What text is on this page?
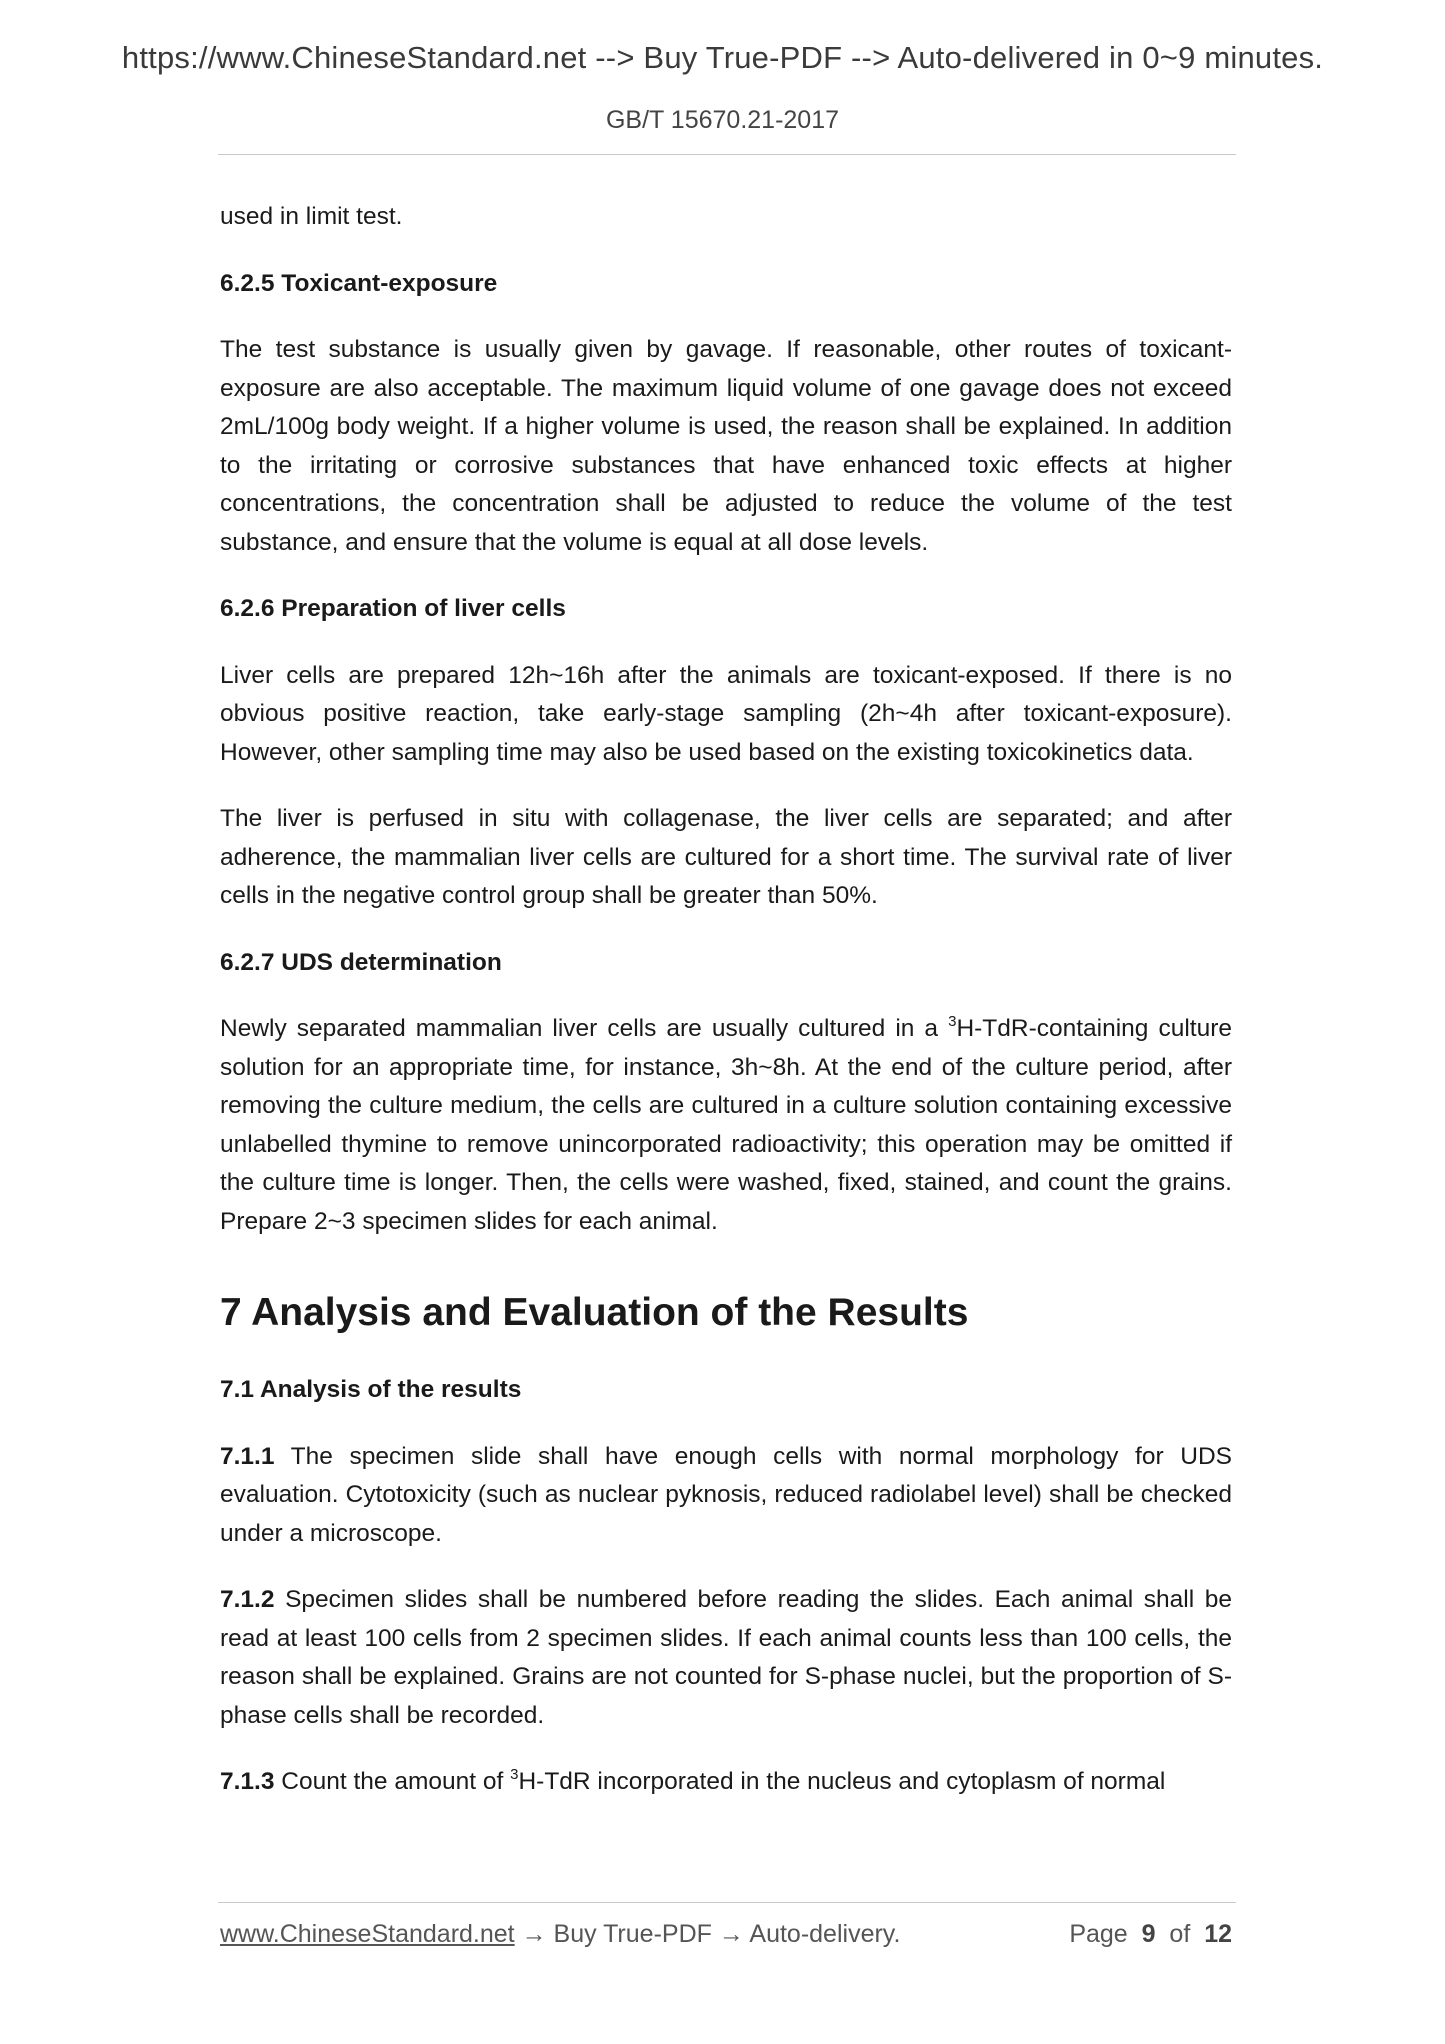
https://www.ChineseStandard.net --> Buy True-PDF --> Auto-delivered in 0~9 minutes.
GB/T 15670.21-2017

used in limit test.

6.2.5 Toxicant-exposure

The test substance is usually given by gavage. If reasonable, other routes of toxicant-exposure are also acceptable. The maximum liquid volume of one gavage does not exceed 2mL/100g body weight. If a higher volume is used, the reason shall be explained. In addition to the irritating or corrosive substances that have enhanced toxic effects at higher concentrations, the concentration shall be adjusted to reduce the volume of the test substance, and ensure that the volume is equal at all dose levels.

6.2.6 Preparation of liver cells

Liver cells are prepared 12h~16h after the animals are toxicant-exposed. If there is no obvious positive reaction, take early-stage sampling (2h~4h after toxicant-exposure). However, other sampling time may also be used based on the existing toxicokinetics data.

The liver is perfused in situ with collagenase, the liver cells are separated; and after adherence, the mammalian liver cells are cultured for a short time. The survival rate of liver cells in the negative control group shall be greater than 50%.

6.2.7 UDS determination

Newly separated mammalian liver cells are usually cultured in a $^3$H-TdR-containing culture solution for an appropriate time, for instance, 3h~8h. At the end of the culture period, after removing the culture medium, the cells are cultured in a culture solution containing excessive unlabelled thymine to remove unincorporated radioactivity; this operation may be omitted if the culture time is longer. Then, the cells were washed, fixed, stained, and count the grains. Prepare 2~3 specimen slides for each animal.

7 Analysis and Evaluation of the Results
7.1 Analysis of the results

7.1.1 The specimen slide shall have enough cells with normal morphology for UDS evaluation. Cytotoxicity (such as nuclear pyknosis, reduced radiolabel level) shall be checked under a microscope.

7.1.2 Specimen slides shall be numbered before reading the slides. Each animal shall be read at least 100 cells from 2 specimen slides. If each animal counts less than 100 cells, the reason shall be explained. Grains are not counted for S-phase nuclei, but the proportion of S-phase cells shall be recorded.

7.1.3 Count the amount of $^3$H-TdR incorporated in the nucleus and cytoplasm of normal

www.ChineseStandard.net → Buy True-PDF → Auto-delivery.	Page 9 of 12
